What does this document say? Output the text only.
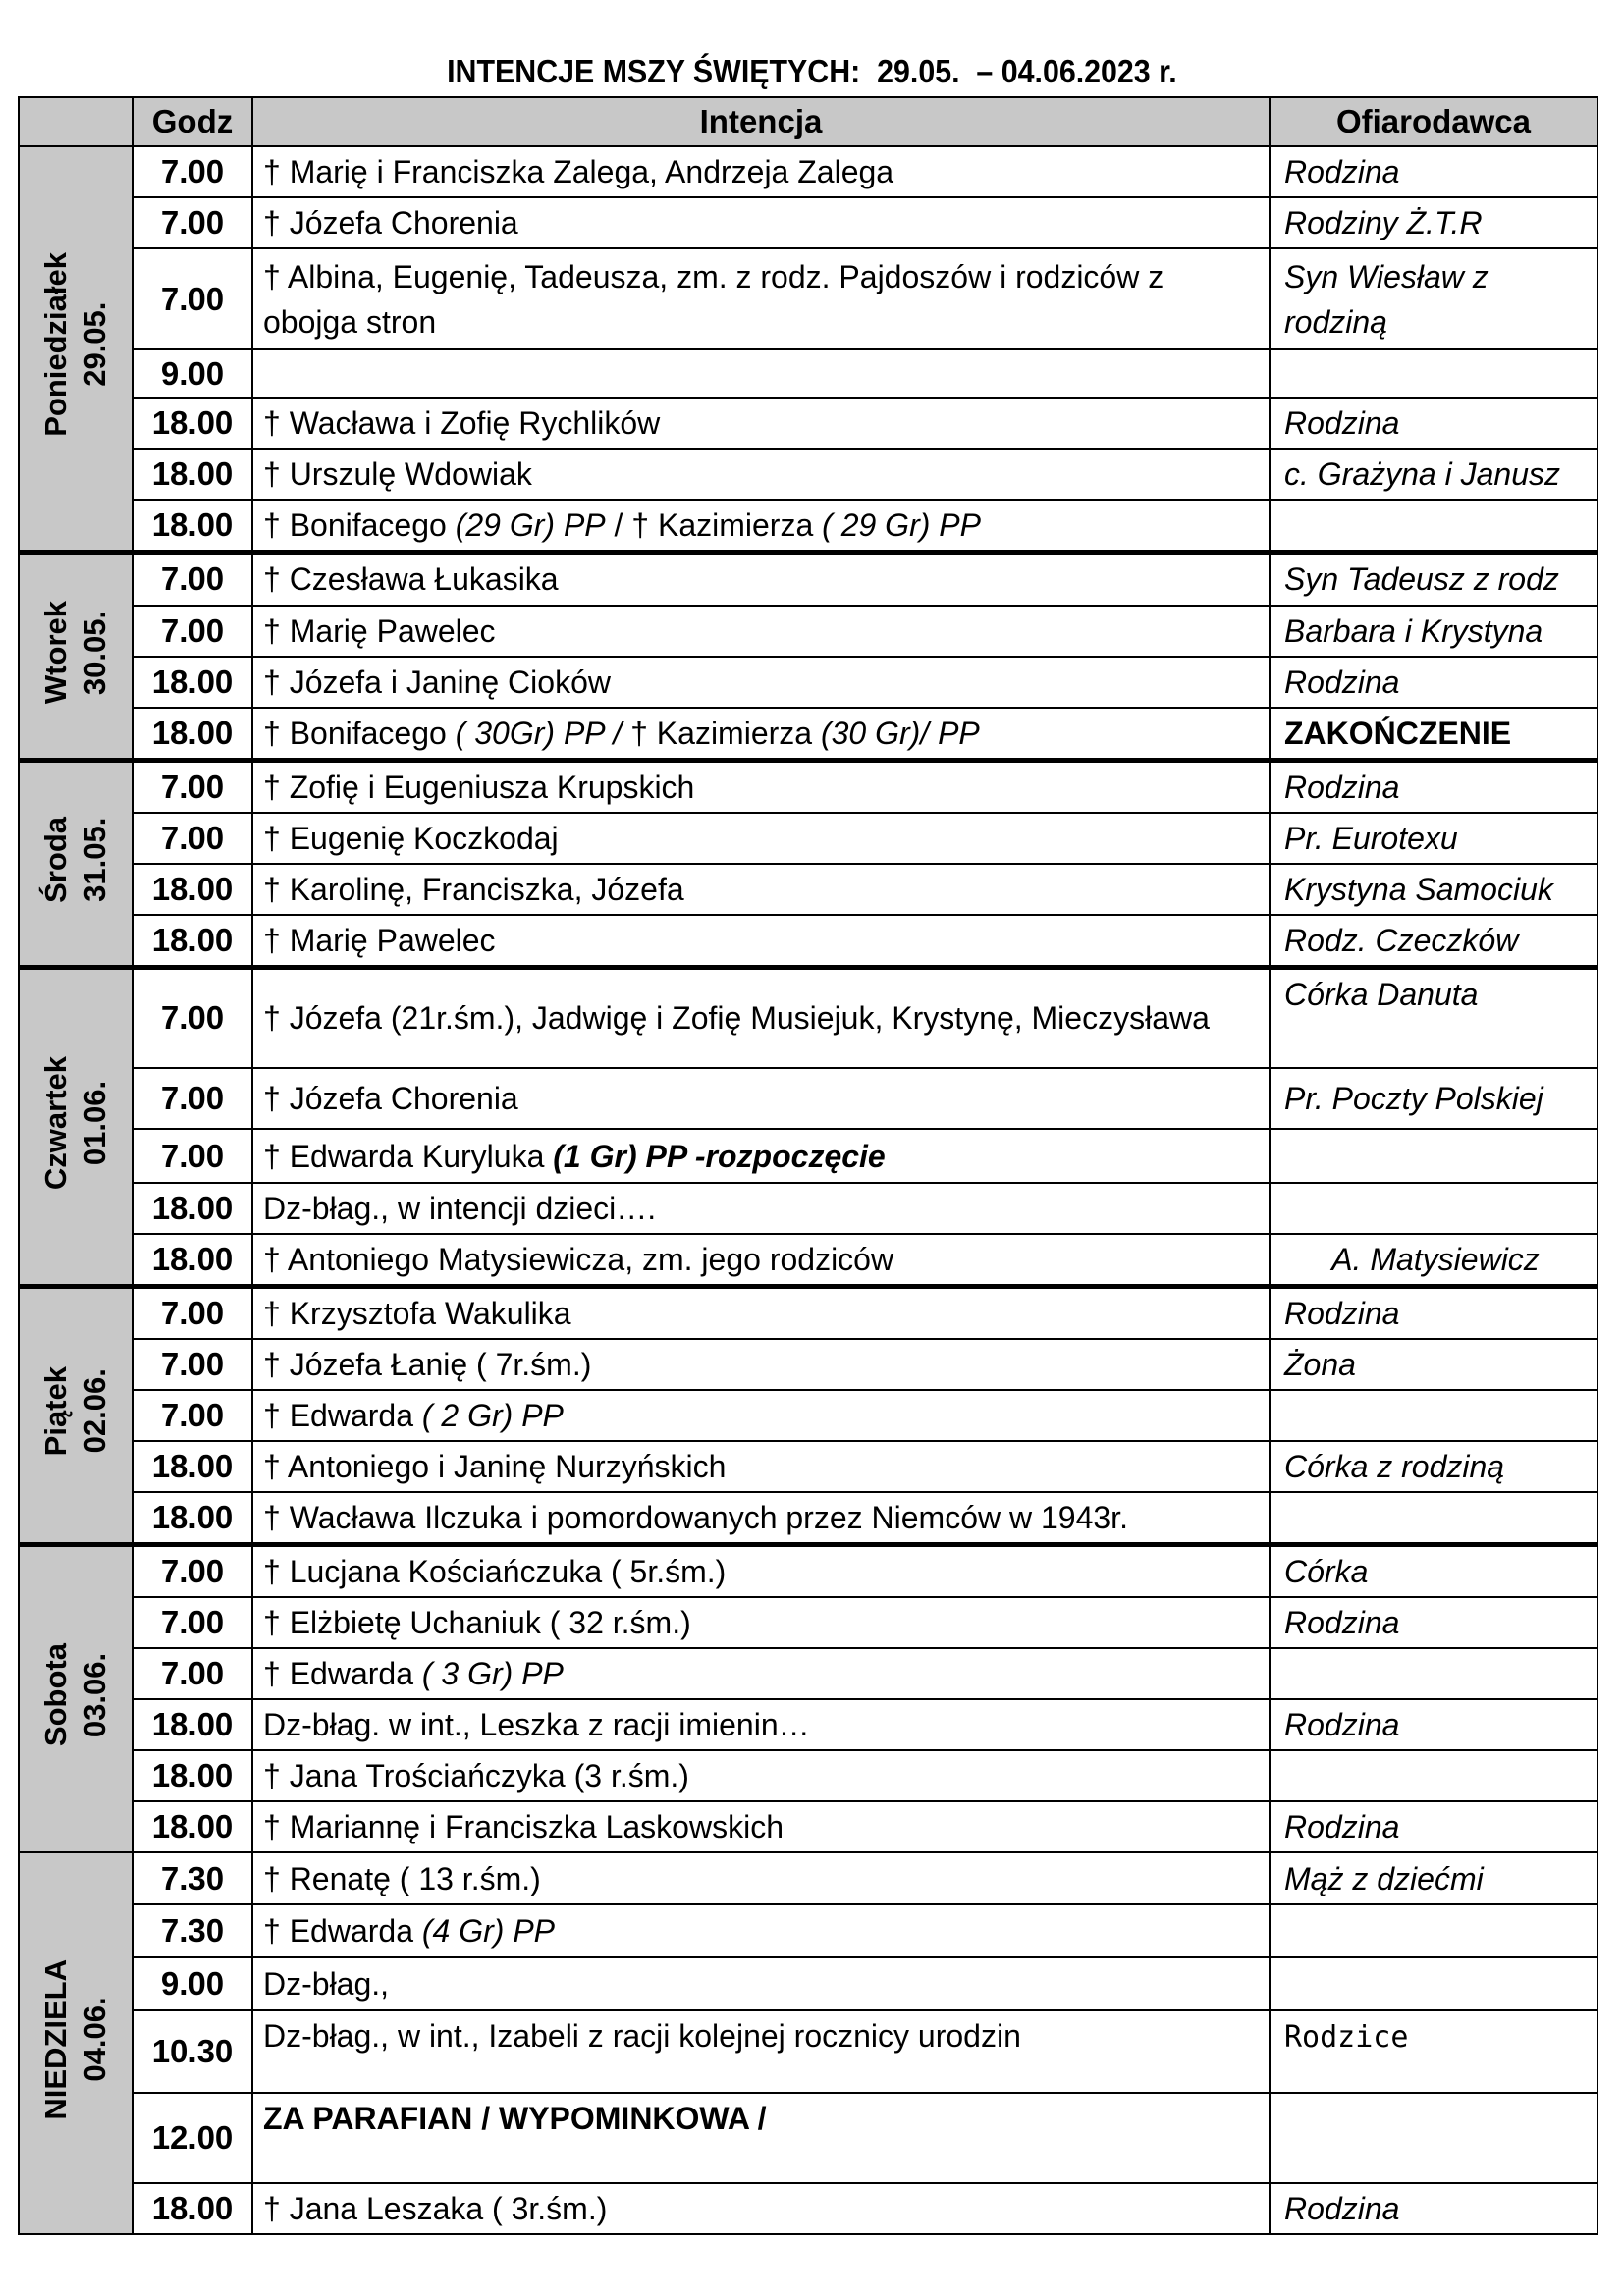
INTENCJE MSZY ŚWIĘTYCH:  29.05.  – 04.06.2023 r.
	Godz	Intencja	Ofiarodawca
Poniedziałek
29.05.	7.00	† Marię i Franciszka Zalega, Andrzeja Zalega	Rodzina
	7.00	† Józefa Chorenia	Rodziny Ż.T.R
	7.00	† Albina, Eugenię, Tadeusza, zm. z rodz. Pajdoszów i rodziców z obojga stron	Syn Wiesław z rodziną
	9.00		
	18.00	† Wacława i Zofię Rychlików	Rodzina
	18.00	† Urszulę Wdowiak	c. Grażyna i Janusz
	18.00	† Bonifacego (29 Gr) PP / † Kazimierza ( 29 Gr) PP	
Wtorek
30.05.	7.00	† Czesława Łukasika	Syn Tadeusz z rodz
	7.00	† Marię Pawelec	Barbara i Krystyna
	18.00	† Józefa i Janinę Cioków	Rodzina
	18.00	† Bonifacego ( 30Gr) PP / † Kazimierza (30 Gr)/ PP	ZAKOŃCZENIE
Środa
31.05.	7.00	† Zofię i Eugeniusza Krupskich	Rodzina
	7.00	† Eugenię Koczkodaj	Pr. Eurotexu
	18.00	† Karolinę, Franciszka, Józefa	Krystyna Samociuk
	18.00	† Marię Pawelec	Rodz. Czeczków
Czwartek
01.06.	7.00	† Józefa (21r.śm.), Jadwigę i Zofię Musiejuk, Krystynę, Mieczysława	Córka Danuta
	7.00	† Józefa Chorenia	Pr. Poczty Polskiej
	7.00	† Edwarda Kuryluka (1 Gr) PP -rozpoczęcie	
	18.00	Dz-błag., w intencji dzieci….	
	18.00	† Antoniego Matysiewicza, zm. jego rodziców	A. Matysiewicz
Piątek
02.06.	7.00	† Krzysztofa Wakulika	Rodzina
	7.00	† Józefa Łanię ( 7r.śm.)	Żona
	7.00	† Edwarda ( 2 Gr) PP	
	18.00	† Antoniego i Janinę Nurzyńskich	Córka z rodziną
	18.00	† Wacława Ilczuka i pomordowanych przez Niemców w 1943r.	
Sobota
03.06.	7.00	† Lucjana Kościańczuka ( 5r.śm.)	Córka
	7.00	† Elżbietę Uchaniuk ( 32 r.śm.)	Rodzina
	7.00	† Edwarda ( 3 Gr) PP	
	18.00	Dz-błag. w int., Leszka z racji imienin…	Rodzina
	18.00	† Jana Trościańczyka (3 r.śm.)	
	18.00	† Mariannę i Franciszka Laskowskich	Rodzina
NIEDZIELA
04.06.	7.30	† Renatę ( 13 r.śm.)	Mąż z dziećmi
	7.30	† Edwarda (4 Gr) PP	
	9.00	Dz-błag.,	
	10.30	Dz-błag., w int., Izabeli z racji kolejnej rocznicy urodzin	Rodzice
	12.00	ZA PARAFIAN / WYPOMINKOWA /	
	18.00	† Jana Leszaka ( 3r.śm.)	Rodzina
